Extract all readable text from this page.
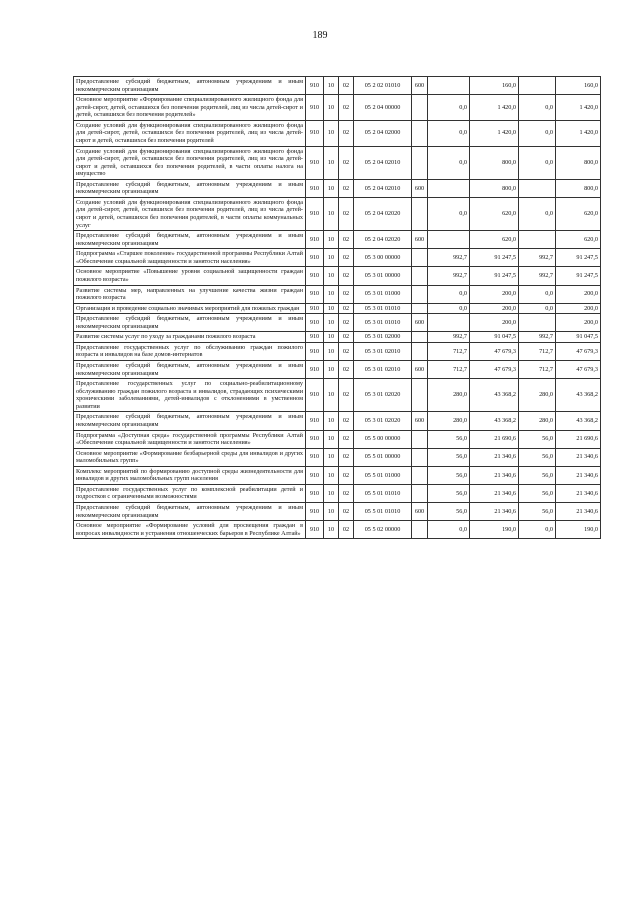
189
Предоставление субсидий бюджетным, автономным учреждениям и иным некоммерческим организациям	910	10	02	05 2 02 01010	600		160,0		160,0
Основное мероприятие «Формирование специализированного жилищного фонда для детей-сирот, детей, оставшихся без попечения родителей, лиц из числа детей-сирот и детей, оставшихся без попечения родителей»	910	10	02	05 2 04 00000		0,0	1 420,0	0,0	1 420,0
Создание условий для функционирования специализированного жилищного фонда для детей-сирот, детей, оставшихся без попечения родителей, лиц из числа детей-сирот и детей, оставшихся без попечения родителей	910	10	02	05 2 04 02000		0,0	1 420,0	0,0	1 420,0
Создание условий для функционирования специализированного жилищного фонда для детей-сирот, детей, оставшихся без попечения родителей, лиц из числа детей-сирот и детей, оставшихся без попечения родителей, в части оплаты налога на имущество	910	10	02	05 2 04 02010		0,0	800,0	0,0	800,0
Предоставление субсидий бюджетным, автономным учреждениям и иным некоммерческим организациям	910	10	02	05 2 04 02010	600		800,0		800,0
Создание условий для функционирования специализированного жилищного фонда для детей-сирот, детей, оставшихся без попечения родителей, лиц из числа детей-сирот и детей, оставшихся без попечения родителей, в части оплаты коммунальных услуг	910	10	02	05 2 04 02020		0,0	620,0	0,0	620,0
Предоставление субсидий бюджетным, автономным учреждениям и иным некоммерческим организациям	910	10	02	05 2 04 02020	600		620,0		620,0
Подпрограмма «Старшее поколение» государственной программы Республики Алтай «Обеспечение социальной защищенности и занятости населения»	910	10	02	05 3 00 00000		992,7	91 247,5	992,7	91 247,5
Основное мероприятие «Повышение уровня социальной защищенности граждан пожилого возраста»	910	10	02	05 3 01 00000		992,7	91 247,5	992,7	91 247,5
Развитие системы мер, направленных на улучшение качества жизни граждан пожилого возраста	910	10	02	05 3 01 01000		0,0	200,0	0,0	200,0
Организация и проведение социально значимых мероприятий для пожилых граждан	910	10	02	05 3 01 01010		0,0	200,0	0,0	200,0
Предоставление субсидий бюджетным, автономным учреждениям и иным некоммерческим организациям	910	10	02	05 3 01 01010	600		200,0		200,0
Развитие системы услуг по уходу за гражданами пожилого возраста	910	10	02	05 3 01 02000		992,7	91 047,5	992,7	91 047,5
Предоставление государственных услуг по обслуживанию граждан пожилого возраста и инвалидов на базе домов-интернатов	910	10	02	05 3 01 02010		712,7	47 679,3	712,7	47 679,3
Предоставление субсидий бюджетным, автономным учреждениям и иным некоммерческим организациям	910	10	02	05 3 01 02010	600	712,7	47 679,3	712,7	47 679,3
Предоставление государственных услуг по социально-реабилитационному обслуживанию граждан пожилого возраста и инвалидов, страдающих психическими хроническими заболеваниями, детей-инвалидов с отклонениями в умственном развитии	910	10	02	05 3 01 02020		280,0	43 368,2	280,0	43 368,2
Предоставление субсидий бюджетным, автономным учреждениям и иным некоммерческим организациям	910	10	02	05 3 01 02020	600	280,0	43 368,2	280,0	43 368,2
Подпрограмма «Доступная среда» государственной программы Республики Алтай «Обеспечение социальной защищенности и занятости населения»	910	10	02	05 5 00 00000		56,0	21 690,6	56,0	21 690,6
Основное мероприятие «Формирование безбарьерной среды для инвалидов и других маломобильных групп»	910	10	02	05 5 01 00000		56,0	21 340,6	56,0	21 340,6
Комплекс мероприятий по формированию доступной среды жизнедеятельности для инвалидов и других маломобильных групп населения	910	10	02	05 5 01 01000		56,0	21 340,6	56,0	21 340,6
Предоставление государственных услуг по комплексной реабилитации детей и подростков с ограниченными возможностями	910	10	02	05 5 01 01010		56,0	21 340,6	56,0	21 340,6
Предоставление субсидий бюджетным, автономным учреждениям и иным некоммерческим организациям	910	10	02	05 5 01 01010	600	56,0	21 340,6	56,0	21 340,6
Основное мероприятие «Формирование условий для просвещения граждан в вопросах инвалидности и устранения отношенческих барьеров в Республике Алтай»	910	10	02	05 5 02 00000		0,0	190,0	0,0	190,0
